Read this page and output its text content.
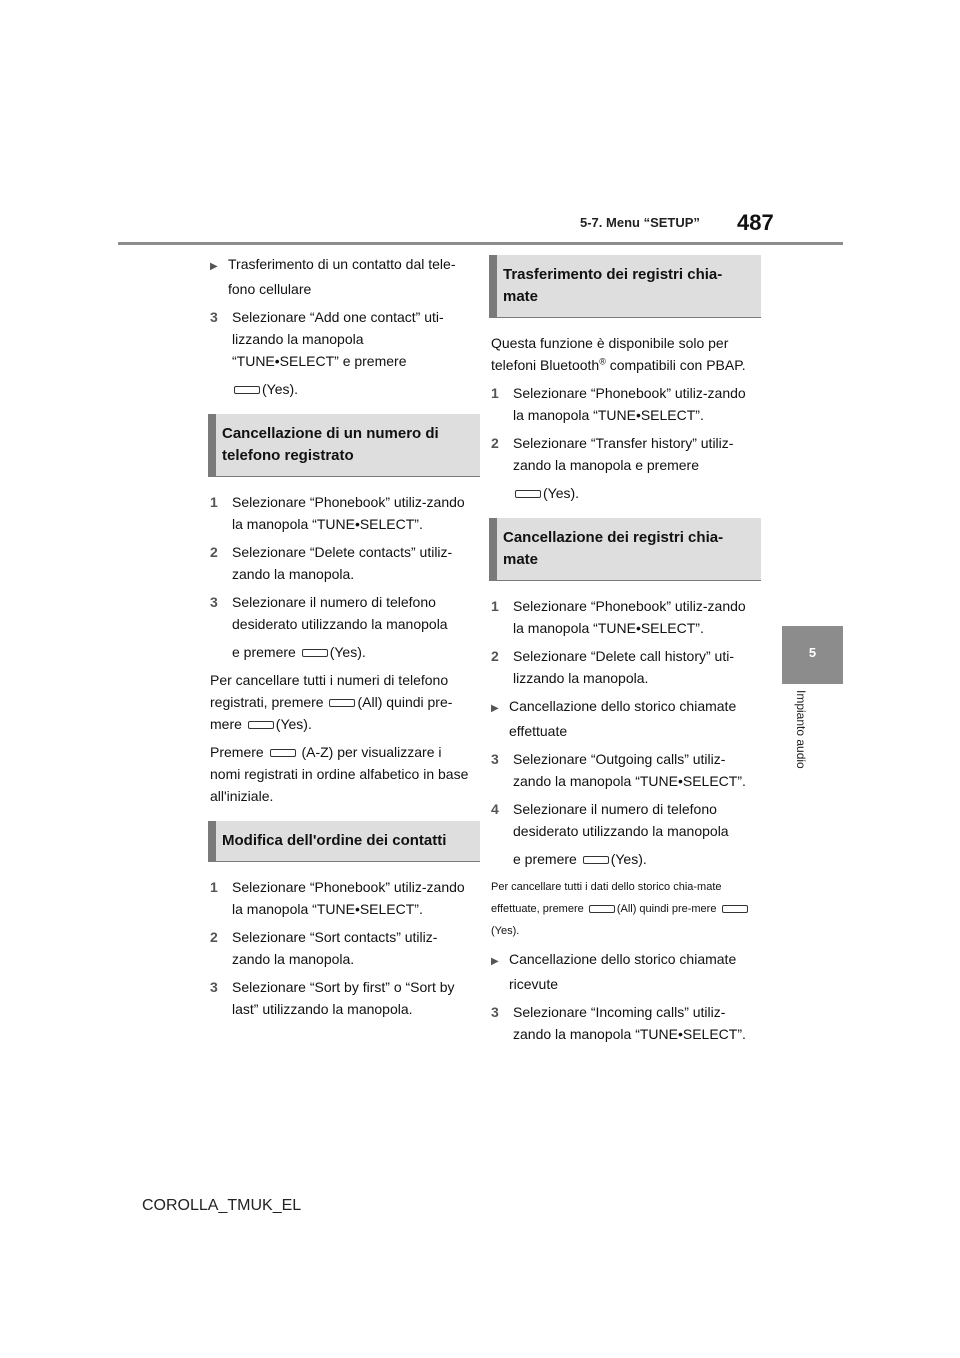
5-7. Menu “SETUP” 487
5
Impianto audio

▶ Trasferimento di un contatto dal tele-fono cellulare

3 Selezionare “Add one contact” uti-lizzando la manopola “TUNE•SELECT” e premere

(Yes).

Cancellazione di un numero di telefono registrato

1 Selezionare “Phonebook” utiliz-zando la manopola “TUNE•SELECT”.

2 Selezionare “Delete contacts” utiliz-zando la manopola.

3 Selezionare il numero di telefono desiderato utilizzando la manopola

e premere (Yes).

Per cancellare tutti i numeri di telefono registrati, premere (All) quindi pre-mere (Yes).

Premere	(A-Z) per visualizzare i nomi registrati in ordine alfabetico in base all'iniziale.

Modifica dell'ordine dei contatti

1 Selezionare “Phonebook” utiliz-zando la manopola “TUNE•SELECT”.

2 Selezionare “Sort contacts” utiliz-zando la manopola.

3 Selezionare “Sort by first” o “Sort by last” utilizzando la manopola.

Trasferimento dei registri chia-mate

Questa funzione è disponibile solo per telefoni Bluetooth® compatibili con PBAP.

1 Selezionare “Phonebook” utiliz-zando la manopola “TUNE•SELECT”.

2 Selezionare “Transfer history” utiliz-zando la manopola e premere

(Yes).

Cancellazione dei registri chia-mate

1 Selezionare “Phonebook” utiliz-zando la manopola “TUNE•SELECT”.

2 Selezionare “Delete call history” uti-lizzando la manopola.

▶ Cancellazione dello storico chiamate effettuate

3 Selezionare “Outgoing calls” utiliz-zando la manopola “TUNE•SELECT”.

4 Selezionare il numero di telefono desiderato utilizzando la manopola

e premere (Yes).

Per cancellare tutti i dati dello storico chia-mate effettuate, premere	(All) quindi pre-mere (Yes).

▶ Cancellazione dello storico chiamate ricevute

3 Selezionare “Incoming calls” utiliz-zando la manopola “TUNE•SELECT”.

COROLLA_TMUK_EL
